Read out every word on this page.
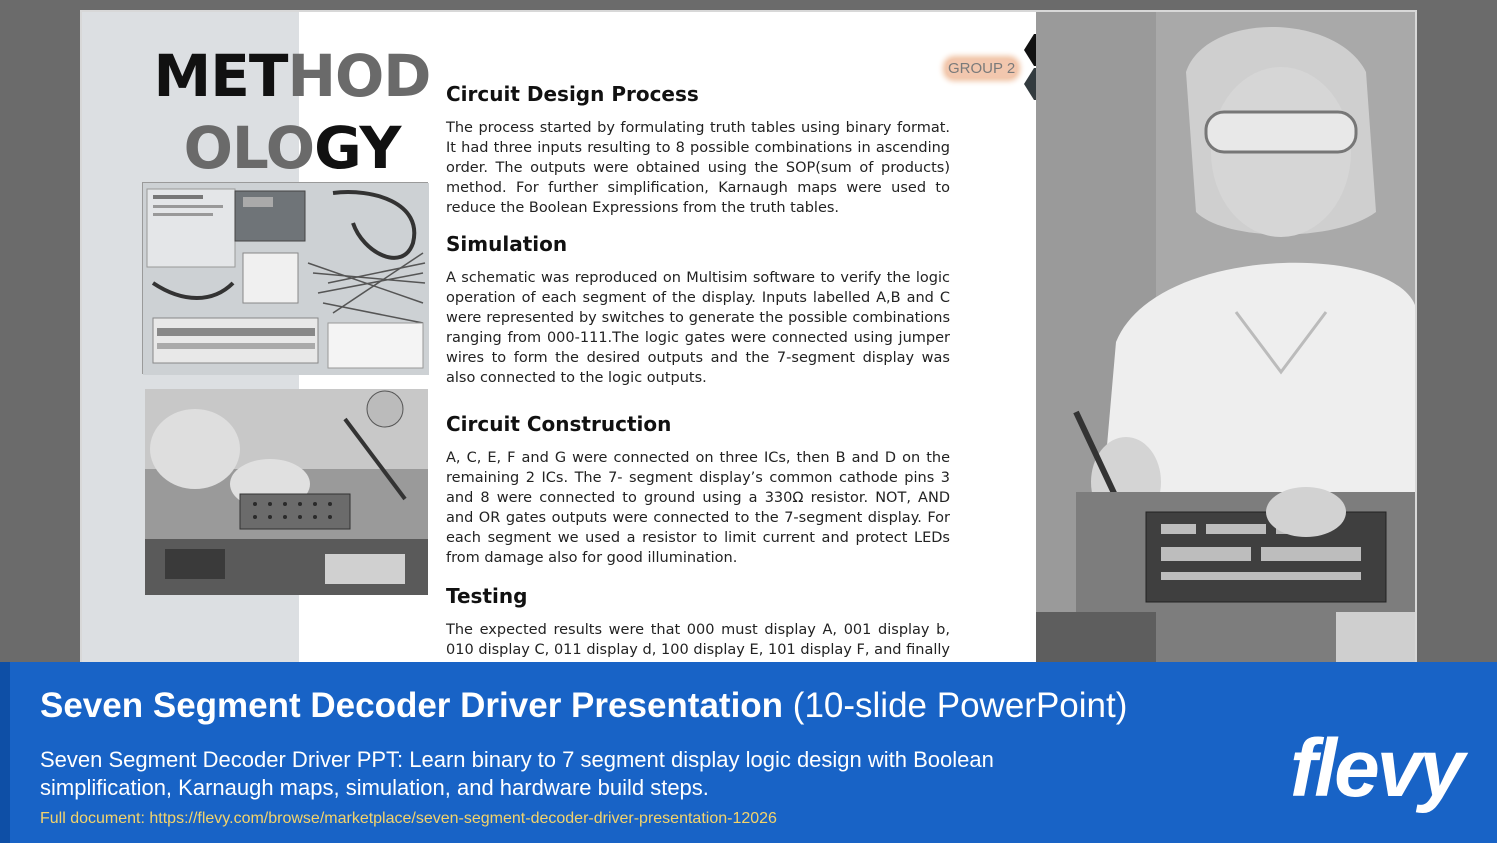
METHOD
OLOGY
GROUP 2
Circuit Design Process

The process started by formulating truth tables using binary format. It had three inputs resulting to 8 possible combinations in ascending order. The outputs were obtained using the SOP(sum of products) method. For further simplification, Karnaugh maps were used to reduce the Boolean Expressions from the truth tables.

Simulation

A schematic was reproduced on Multisim software to verify the logic operation of each segment of the display. Inputs labelled A,B and C were represented by switches to generate the possible combinations ranging from 000-111.The logic gates were connected using jumper wires to form the desired outputs and the 7-segment display was also connected to the logic outputs.

Circuit Construction

A, C, E, F and G were connected on three ICs, then B and D on the remaining 2 ICs. The 7- segment display’s common cathode pins 3 and 8 were connected to ground using a 330Ω resistor. NOT, AND and OR gates outputs were connected to the 7-segment display. For each segment we used a resistor to limit current and protect LEDs from damage also for good illumination.

Testing

The expected results were that 000 must display A, 001 display b, 010 display C, 011 display d, 100 display E, 101 display F, and finally

Seven Segment Decoder Driver Presentation (10-slide PowerPoint)
Seven Segment Decoder Driver PPT: Learn binary to 7 segment display logic design with Boolean simplification, Karnaugh maps, simulation, and hardware build steps.
Full document: https://flevy.com/browse/marketplace/seven-segment-decoder-driver-presentation-12026
flevy
